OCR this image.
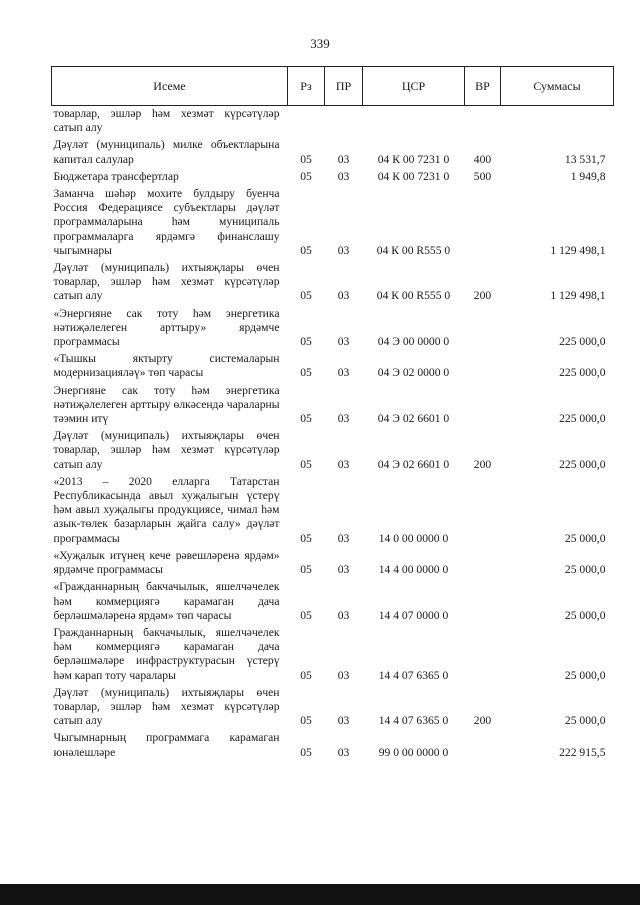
339
Исеме	Рз	ПР	ЦСР	ВР	Суммасы
товарлар, эшләр һәм хезмәт күрсәтүләр сатып алу					
Дәүләт (муниципаль) милке объектларына капитал салулар	05	03	04 К 00 7231 0	400	13 531,7
Бюджетара трансфертлар	05	03	04 К 00 7231 0	500	1 949,8
Заманча шәһәр мохите булдыру буенча Россия Федерациясе субъектлары дәүләт программаларына һәм муниципаль программаларга ярдәмгә финанслашу чыгымнары	05	03	04 К 00 R555 0		1 129 498,1
Дәүләт (муниципаль) ихтыяҗлары өчен товарлар, эшләр һәм хезмәт күрсәтүләр сатып алу	05	03	04 К 00 R555 0	200	1 129 498,1
«Энергияне сак тоту һәм энергетика нәтиҗәлелеген арттыру» ярдәмче программасы	05	03	04 Э 00 0000 0		225 000,0
«Тышкы яктырту системаларын модернизацияләү» төп чарасы	05	03	04 Э 02 0000 0		225 000,0
Энергияне сак тоту һәм энергетика нәтиҗәлелеген арттыру өлкәсендә чараларны тәэмин итү	05	03	04 Э 02 6601 0		225 000,0
Дәүләт (муниципаль) ихтыяҗлары өчен товарлар, эшләр һәм хезмәт күрсәтүләр сатып алу	05	03	04 Э 02 6601 0	200	225 000,0
«2013 – 2020 елларга Татарстан Республикасында авыл хуҗалыгын үстерү һәм авыл хуҗалыгы продукциясе, чимал һәм азык-төлек базарларын җайга салу» дәүләт программасы	05	03	14 0 00 0000 0		25 000,0
«Хуҗалык итүнең кече рәвешләренә ярдәм» ярдәмче программасы	05	03	14 4 00 0000 0		25 000,0
«Гражданнарның бакчачылык, яшелчәчелек һәм коммерциягә карамаган дача берләшмәләренә ярдәм» төп чарасы	05	03	14 4 07 0000 0		25 000,0
Гражданнарның бакчачылык, яшелчәчелек һәм коммерциягә карамаган дача берләшмәләре инфраструктурасын үстерү һәм карап тоту чаралары	05	03	14 4 07 6365 0		25 000,0
Дәүләт (муниципаль) ихтыяҗлары өчен товарлар, эшләр һәм хезмәт күрсәтүләр сатып алу	05	03	14 4 07 6365 0	200	25 000,0
Чыгымнарның программага карамаган юнәлешләре	05	03	99 0 00 0000 0		222 915,5
